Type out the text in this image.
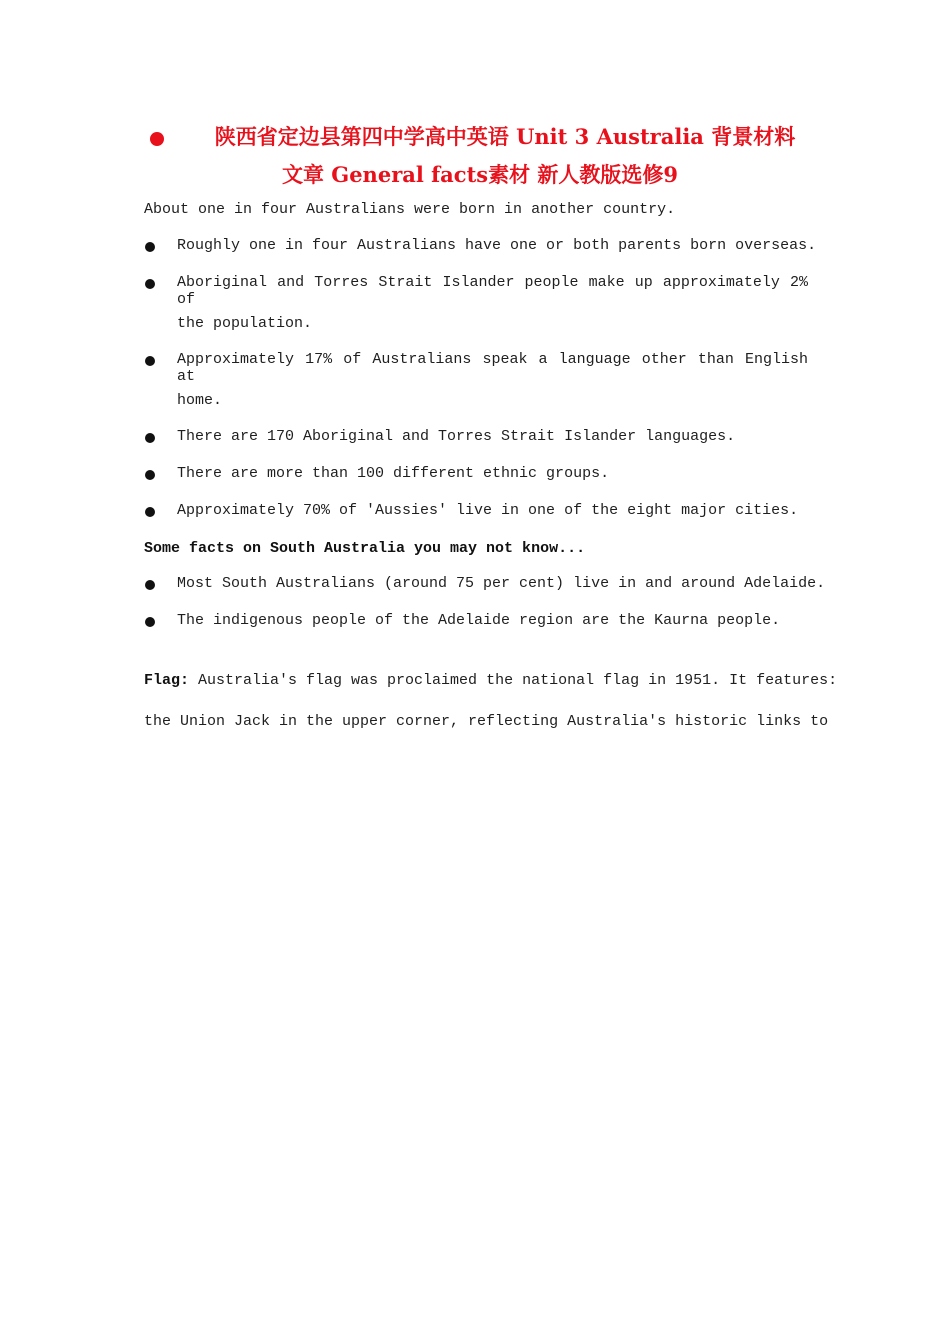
陕西省定边县第四中学高中英语 Unit 3 Australia 背景材料
文章 General facts素材 新人教版选修9
About one in four Australians were born in another country.
Roughly one in four Australians have one or both parents born overseas.
Aboriginal and Torres Strait Islander people make up approximately 2% of
the population.
Approximately 17% of Australians speak a language other than English at
home.
There are 170 Aboriginal and Torres Strait Islander languages.
There are more than 100 different ethnic groups.
Approximately 70% of 'Aussies' live in one of the eight major cities.
Some facts on South Australia you may not know...
Most South Australians (around 75 per cent) live in and around Adelaide.
The indigenous people of the Adelaide region are the Kaurna people.
Flag: Australia's flag was proclaimed the national flag in 1951. It features:
the Union Jack in the upper corner, reflecting Australia's historic links to
